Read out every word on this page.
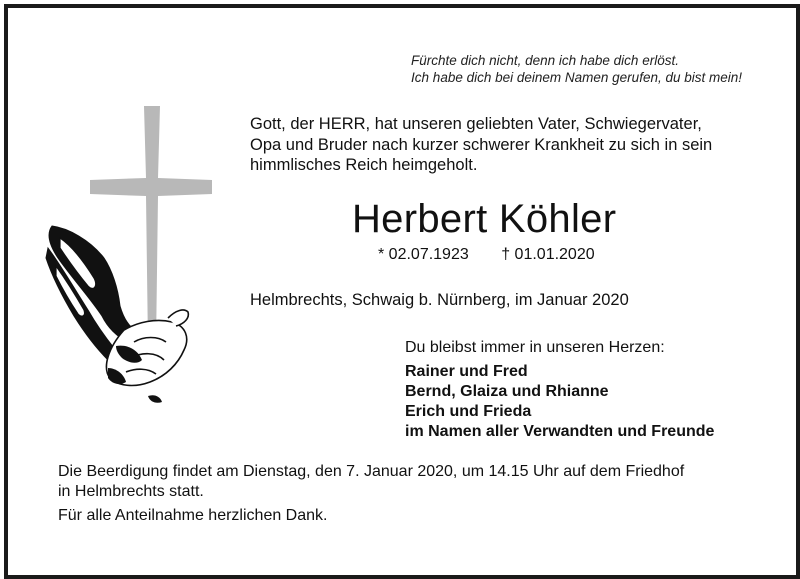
Fürchte dich nicht, denn ich habe dich erlöst.
Ich habe dich bei deinem Namen gerufen, du bist mein!
Gott, der HERR, hat unseren geliebten Vater, Schwiegervater,
Opa und Bruder nach kurzer schwerer Krankheit zu sich in sein
himmlisches Reich heimgeholt.
Herbert Köhler
* 02.07.1923 † 01.01.2020
Helmbrechts, Schwaig b. Nürnberg, im Januar 2020
Du bleibst immer in unseren Herzen:
Rainer und Fred
Bernd, Glaiza und Rhianne
Erich und Frieda
im Namen aller Verwandten und Freunde
Die Beerdigung findet am Dienstag, den 7. Januar 2020, um 14.15 Uhr auf dem Friedhof
in Helmbrechts statt.
Für alle Anteilnahme herzlichen Dank.
